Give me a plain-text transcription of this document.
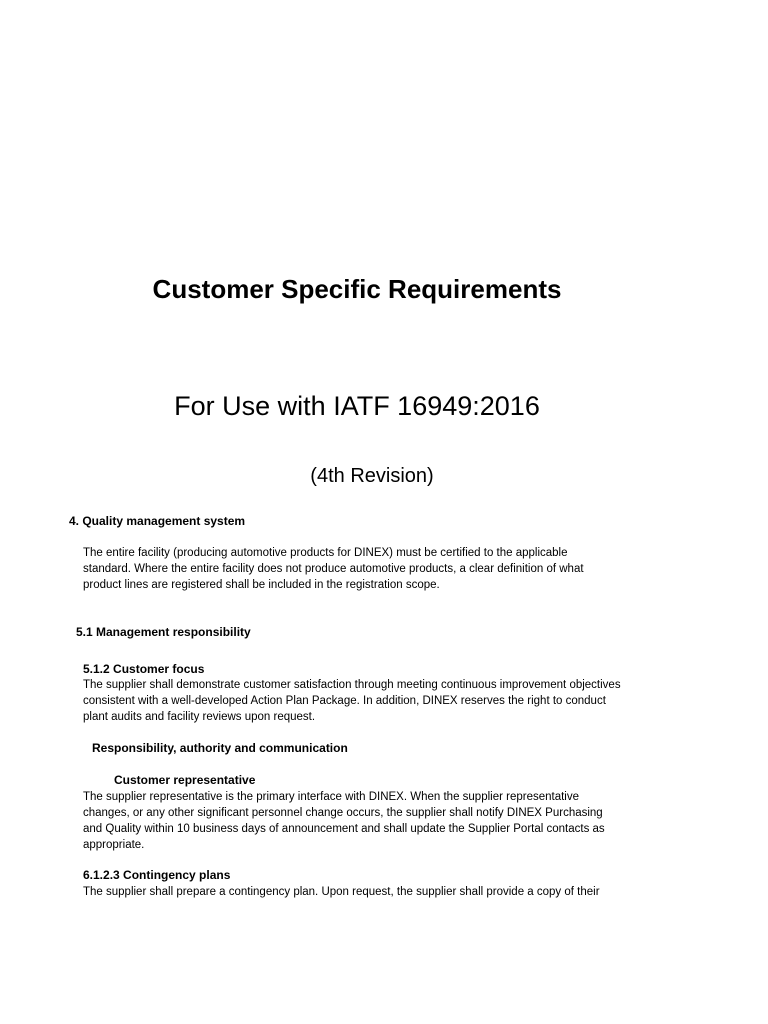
Customer Specific Requirements
For Use with IATF 16949:2016
(4th Revision)
4. Quality management system
The entire facility (producing automotive products for DINEX) must be certified to the applicable
standard. Where the entire facility does not produce automotive products, a clear definition of what
product lines are registered shall be included in the registration scope.
5.1 Management responsibility
5.1.2 Customer focus
The supplier shall demonstrate customer satisfaction through meeting continuous improvement objectives
consistent with a well-developed Action Plan Package. In addition, DINEX reserves the right to conduct
plant audits and facility reviews upon request.
Responsibility, authority and communication
Customer representative
The supplier representative is the primary interface with DINEX. When the supplier representative
changes, or any other significant personnel change occurs, the supplier shall notify DINEX Purchasing
and Quality within 10 business days of announcement and shall update the Supplier Portal contacts as
appropriate.
6.1.2.3 Contingency plans
The supplier shall prepare a contingency plan. Upon request, the supplier shall provide a copy of their
